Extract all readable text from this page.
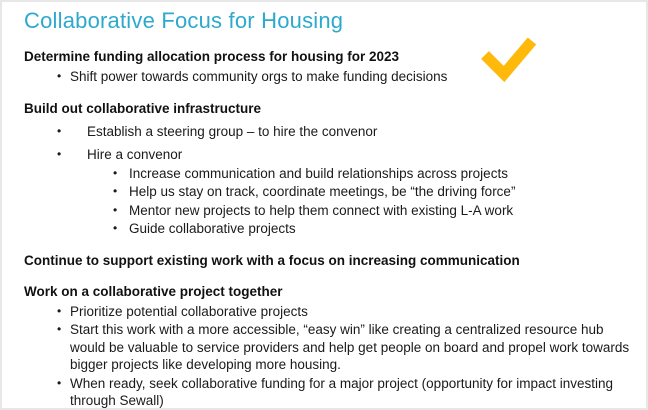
Collaborative Focus for Housing
Determine funding allocation process for housing for 2023
• Shift power towards community orgs to make funding decisions
Build out collaborative infrastructure
•	Establish a steering group – to hire the convenor
•	Hire a convenor
• Increase communication and build relationships across projects
• Help us stay on track, coordinate meetings, be “the driving force”
• Mentor new projects to help them connect with existing L-A work
• Guide collaborative projects
Continue to support existing work with a focus on increasing communication
Work on a collaborative project together
• Prioritize potential collaborative projects
• Start this work with a more accessible, “easy win” like creating a centralized resource hub would be valuable to service providers and help get people on board and propel work towards bigger projects like developing more housing.
• When ready, seek collaborative funding for a major project (opportunity for impact investing through Sewall)
